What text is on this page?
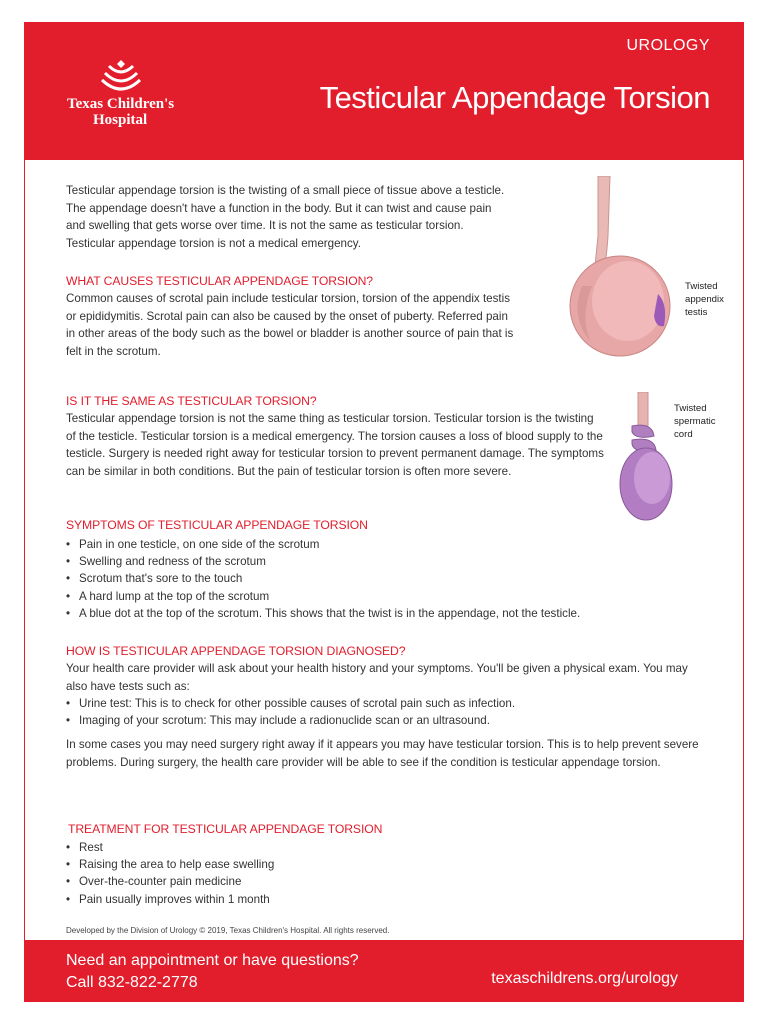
Texas Children's
Hospital
UROLOGY
Testicular Appendage Torsion
Testicular appendage torsion is the twisting of a small piece of tissue above a testicle. The appendage doesn't have a function in the body. But it can twist and cause pain and swelling that gets worse over time. It is not the same as testicular torsion. Testicular appendage torsion is not a medical emergency.
Twisted
appendix
testis
WHAT CAUSES TESTICULAR APPENDAGE TORSION?
Common causes of scrotal pain include testicular torsion, torsion of the appendix testis or epididymitis. Scrotal pain can also be caused by the onset of puberty. Referred pain in other areas of the body such as the bowel or bladder is another source of pain that is felt in the scrotum.
Twisted
spermatic
cord
IS IT THE SAME AS TESTICULAR TORSION?
Testicular appendage torsion is not the same thing as testicular torsion. Testicular torsion is the twisting of the testicle. Testicular torsion is a medical emergency. The torsion causes a loss of blood supply to the testicle. Surgery is needed right away for testicular torsion to prevent permanent damage. The symptoms can be similar in both conditions. But the pain of testicular torsion is often more severe.
SYMPTOMS OF TESTICULAR APPENDAGE TORSION
• Pain in one testicle, on one side of the scrotum
• Swelling and redness of the scrotum
• Scrotum that's sore to the touch
• A hard lump at the top of the scrotum
• A blue dot at the top of the scrotum. This shows that the twist is in the appendage, not the testicle.
HOW IS TESTICULAR APPENDAGE TORSION DIAGNOSED?
Your health care provider will ask about your health history and your symptoms. You'll be given a physical exam. You may also have tests such as:
• Urine test: This is to check for other possible causes of scrotal pain such as infection.
• Imaging of your scrotum: This may include a radionuclide scan or an ultrasound.
In some cases you may need surgery right away if it appears you may have testicular torsion. This is to help prevent severe problems. During surgery, the health care provider will be able to see if the condition is testicular appendage torsion.
TREATMENT FOR TESTICULAR APPENDAGE TORSION
• Rest
• Raising the area to help ease swelling
• Over-the-counter pain medicine
• Pain usually improves within 1 month
Developed by the Division of Urology © 2019, Texas Children's Hospital. All rights reserved.
Need an appointment or have questions?
Call 832-822-2778	texaschildrens.org/urology
